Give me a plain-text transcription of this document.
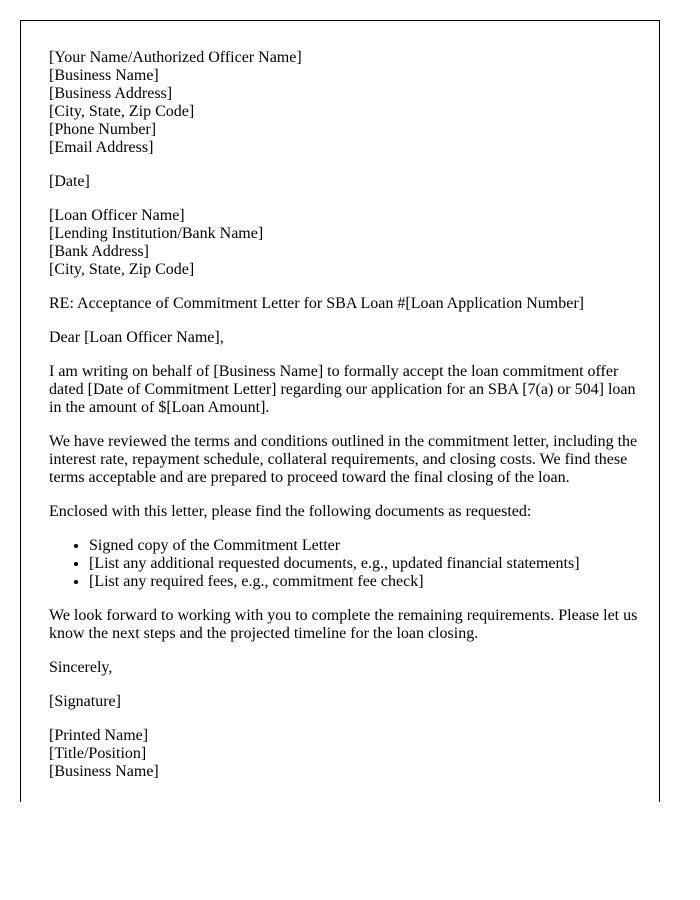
[Your Name/Authorized Officer Name]
[Business Name]
[Business Address]
[City, State, Zip Code]
[Phone Number]
[Email Address]
[Date]
[Loan Officer Name]
[Lending Institution/Bank Name]
[Bank Address]
[City, State, Zip Code]

RE: Acceptance of Commitment Letter for SBA Loan #[Loan Application Number]

Dear [Loan Officer Name],

I am writing on behalf of [Business Name] to formally accept the loan commitment offer dated [Date of Commitment Letter] regarding our application for an SBA [7(a) or 504] loan in the amount of $[Loan Amount].

We have reviewed the terms and conditions outlined in the commitment letter, including the interest rate, repayment schedule, collateral requirements, and closing costs. We find these terms acceptable and are prepared to proceed toward the final closing of the loan.

Enclosed with this letter, please find the following documents as requested:

• Signed copy of the Commitment Letter
• [List any additional requested documents, e.g., updated financial statements]
• [List any required fees, e.g., commitment fee check]

We look forward to working with you to complete the remaining requirements. Please let us know the next steps and the projected timeline for the loan closing.

Sincerely,

[Signature]

[Printed Name]
[Title/Position]
[Business Name]
